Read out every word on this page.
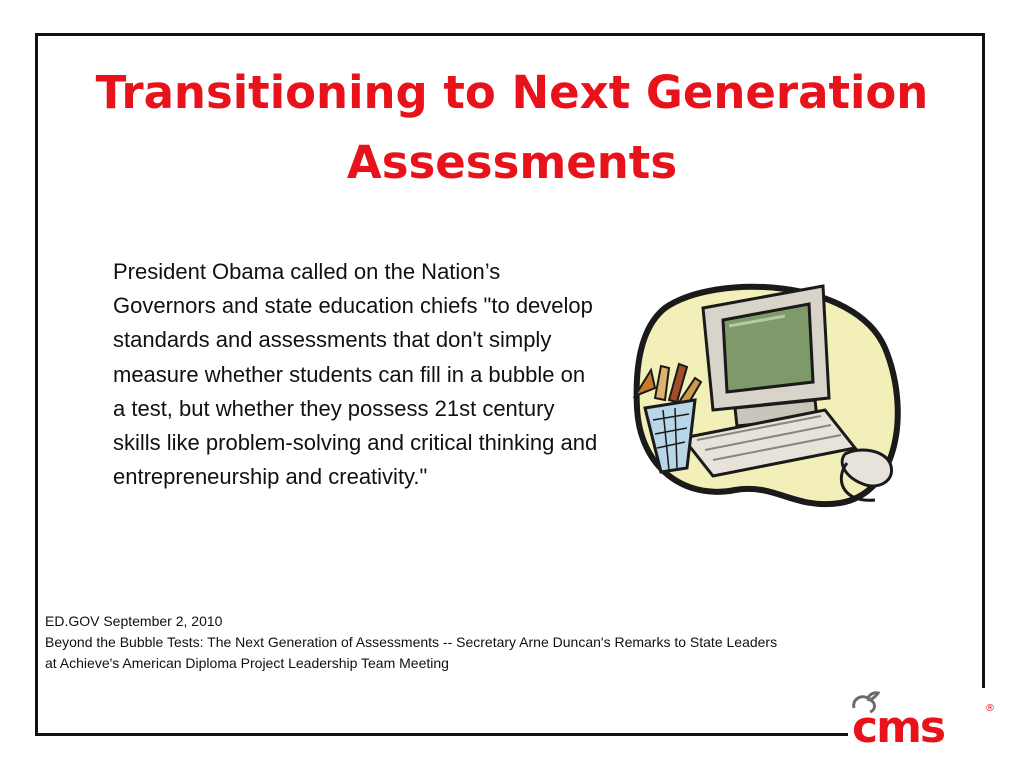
Transitioning to Next Generation Assessments

President Obama called on the Nation’s Governors and state education chiefs "to develop standards and assessments that don't simply measure whether students can fill in a bubble on a test, but whether they possess 21st century skills like problem-solving and critical thinking and entrepreneurship and creativity."

ED.GOV September 2, 2010
Beyond the Bubble Tests: The Next Generation of Assessments -- Secretary Arne Duncan's Remarks to State Leaders
at Achieve's American Diploma Project Leadership Team Meeting
cms	®
